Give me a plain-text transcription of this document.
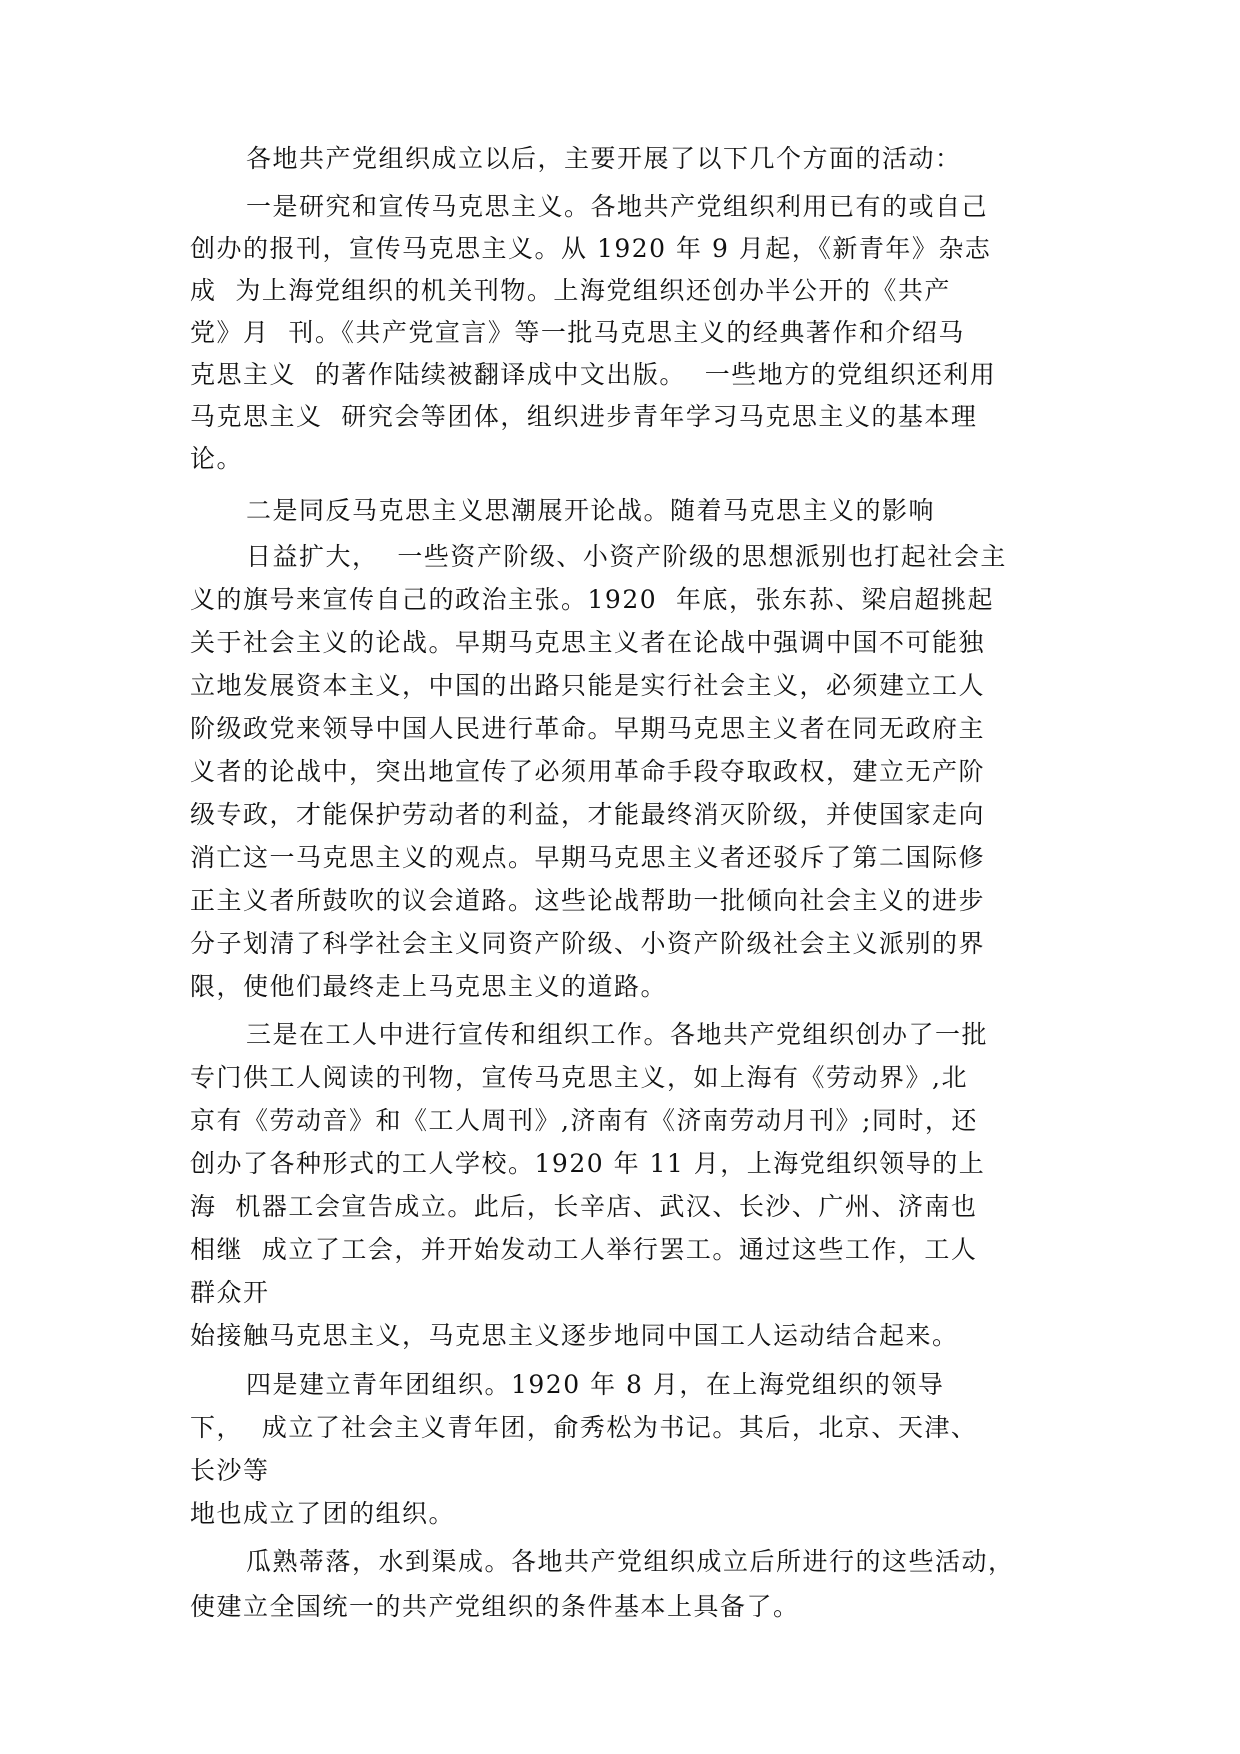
各地共产党组织成立以后，主要开展了以下几个方面的活动：
一是研究和宣传马克思主义。各地共产党组织利用已有的或自己
创办的报刊，宣传马克思主义。从 1920 年 9 月起，《新青年》杂志
成  为上海党组织的机关刊物。上海党组织还创办半公开的《共产
党》月  刊。《共产党宣言》等一批马克思主义的经典著作和介绍马
克思主义  的著作陆续被翻译成中文出版。  一些地方的党组织还利用
马克思主义  研究会等团体，组织进步青年学习马克思主义的基本理
论。
二是同反马克思主义思潮展开论战。随着马克思主义的影响
日益扩大，  一些资产阶级、小资产阶级的思想派别也打起社会主
义的旗号来宣传自己的政治主张。1920  年底，张东荪、梁启超挑起
关于社会主义的论战。早期马克思主义者在论战中强调中国不可能独
立地发展资本主义，中国的出路只能是实行社会主义，必须建立工人
阶级政党来领导中国人民进行革命。早期马克思主义者在同无政府主
义者的论战中，突出地宣传了必须用革命手段夺取政权，建立无产阶
级专政，才能保护劳动者的利益，才能最终消灭阶级，并使国家走向
消亡这一马克思主义的观点。早期马克思主义者还驳斥了第二国际修
正主义者所鼓吹的议会道路。这些论战帮助一批倾向社会主义的进步
分子划清了科学社会主义同资产阶级、小资产阶级社会主义派别的界
限，使他们最终走上马克思主义的道路。
三是在工人中进行宣传和组织工作。各地共产党组织创办了一批
专门供工人阅读的刊物，宣传马克思主义，如上海有《劳动界》,北
京有《劳动音》和《工人周刊》,济南有《济南劳动月刊》;同时，还
创办了各种形式的工人学校。1920 年 11 月，上海党组织领导的上
海  机器工会宣告成立。此后，长辛店、武汉、长沙、广州、济南也
相继  成立了工会，并开始发动工人举行罢工。通过这些工作，工人
群众开
始接触马克思主义，马克思主义逐步地同中国工人运动结合起来。
四是建立青年团组织。1920 年 8 月，在上海党组织的领导
下，  成立了社会主义青年团，俞秀松为书记。其后，北京、天津、
长沙等
地也成立了团的组织。
瓜熟蒂落，水到渠成。各地共产党组织成立后所进行的这些活动，
使建立全国统一的共产党组织的条件基本上具备了。
